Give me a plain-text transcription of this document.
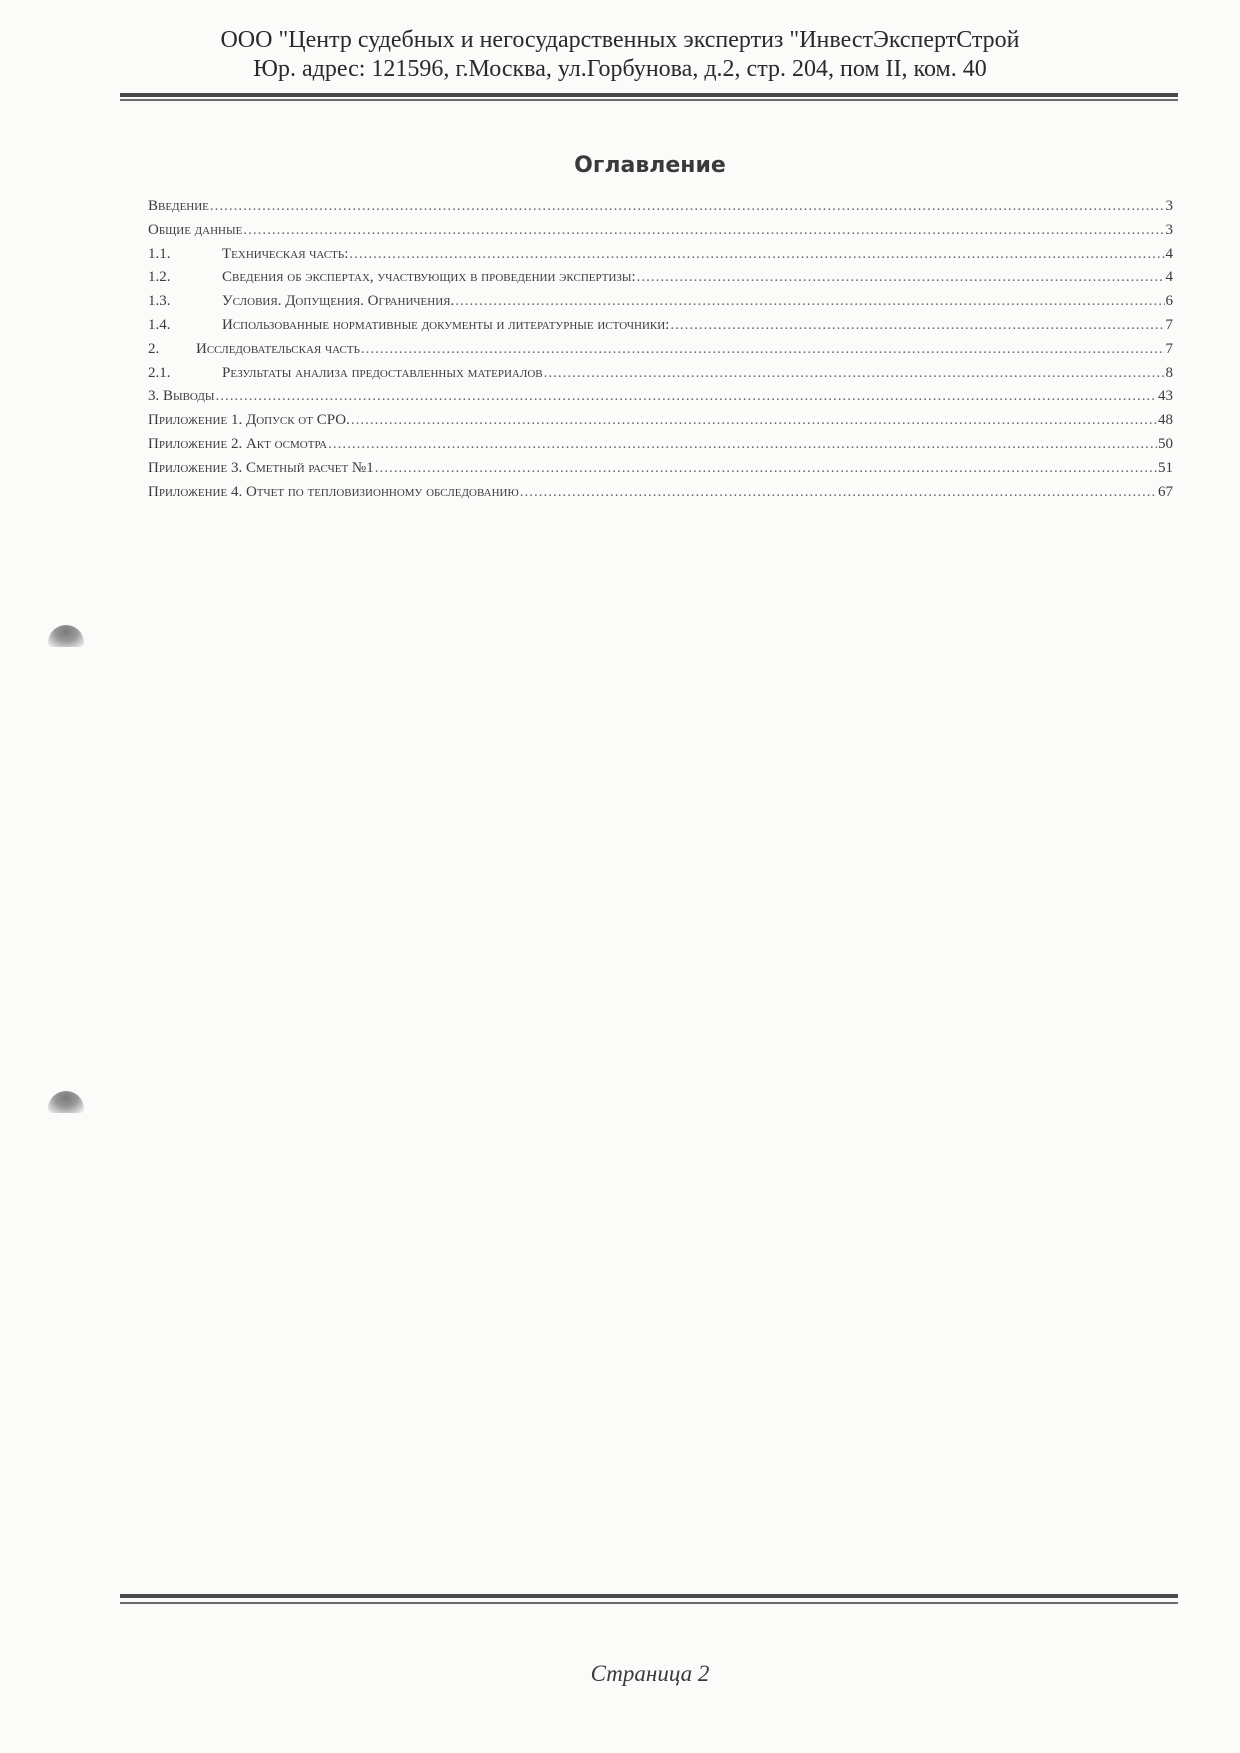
ООО "Центр судебных и негосударственных экспертиз "ИнвестЭкспертСтрой
Юр. адрес: 121596, г.Москва, ул.Горбунова, д.2, стр. 204, пом II, ком. 40
Оглавление
Введение .....	3
Общие данные .....	3
1.1.	Техническая часть: .....	4
1.2.	Сведения об экспертах, участвующих в проведении экспертизы: .....	4
1.3.	Условия. Допущения. Ограничения. .....	6
1.4.	Использованные нормативные документы и литературные источники: .....	7
2.	Исследовательская часть .....	7
2.1.	Результаты анализа предоставленных материалов .....	8
3. Выводы .....	43
Приложение 1. Допуск от СРО. .....	48
Приложение 2. Акт осмотра .....	50
Приложение 3. Сметный расчет №1 .....	51
Приложение 4. Отчет по тепловизионному обследованию .....	67
Страница 2
